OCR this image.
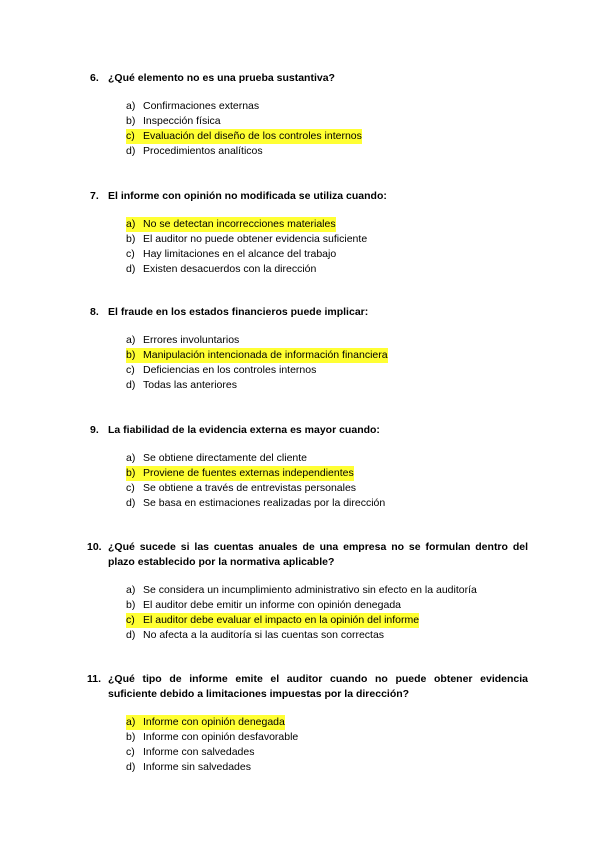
6. ¿Qué elemento no es una prueba sustantiva?
a) Confirmaciones externas
b) Inspección física
c) Evaluación del diseño de los controles internos
d) Procedimientos analíticos
7. El informe con opinión no modificada se utiliza cuando:
a) No se detectan incorrecciones materiales
b) El auditor no puede obtener evidencia suficiente
c) Hay limitaciones en el alcance del trabajo
d) Existen desacuerdos con la dirección
8. El fraude en los estados financieros puede implicar:
a) Errores involuntarios
b) Manipulación intencionada de información financiera
c) Deficiencias en los controles internos
d) Todas las anteriores
9. La fiabilidad de la evidencia externa es mayor cuando:
a) Se obtiene directamente del cliente
b) Proviene de fuentes externas independientes
c) Se obtiene a través de entrevistas personales
d) Se basa en estimaciones realizadas por la dirección
10. ¿Qué sucede si las cuentas anuales de una empresa no se formulan dentro del plazo establecido por la normativa aplicable?
a) Se considera un incumplimiento administrativo sin efecto en la auditoría
b) El auditor debe emitir un informe con opinión denegada
c) El auditor debe evaluar el impacto en la opinión del informe
d) No afecta a la auditoría si las cuentas son correctas
11. ¿Qué tipo de informe emite el auditor cuando no puede obtener evidencia suficiente debido a limitaciones impuestas por la dirección?
a) Informe con opinión denegada
b) Informe con opinión desfavorable
c) Informe con salvedades
d) Informe sin salvedades
